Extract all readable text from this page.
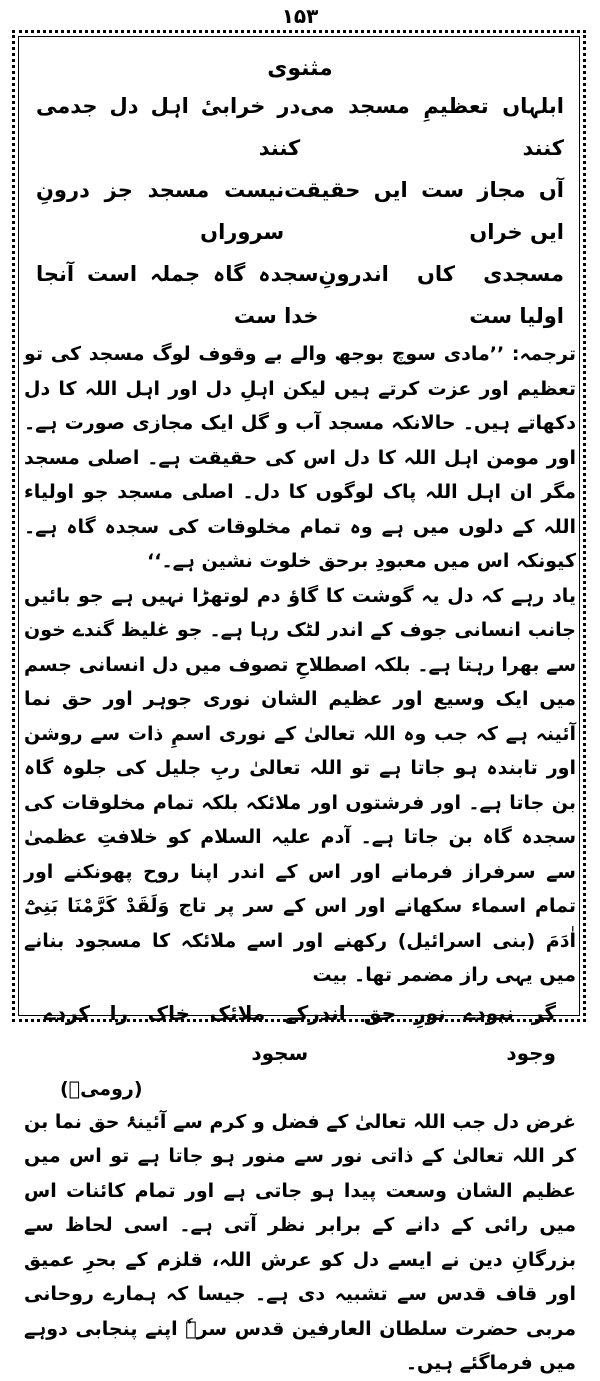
۱۵۳
مثنوی
ابلہاں تعظیمِ مسجد می کنند
در خرابیٔ اہل دل جدمی کنند
آں مجاز ست ایں حقیقت ایں خراں
نیست مسجد جز درونِ سروراں
مسجدی کاں اندرونِ اولیا ست
سجدہ گاہ جملہ است آنجا خدا ست

ترجمہ: ’’مادی سوچ بوجھ والے بے وقوف لوگ مسجد کی تو تعظیم اور عزت کرتے ہیں لیکن اہلِ دل اور اہل اللہ کا دل دکھاتے ہیں۔ حالانکہ مسجد آب و گل ایک مجازی صورت ہے۔ اور مومن اہل اللہ کا دل اس کی حقیقت ہے۔ اصلی مسجد مگر ان اہل اللہ پاک لوگوں کا دل۔ اصلی مسجد جو اولیاء اللہ کے دلوں میں ہے وہ تمام مخلوقات کی سجدہ گاہ ہے۔ کیونکہ اس میں معبودِ برحق خلوت نشین ہے۔‘‘

یاد رہے کہ دل یہ گوشت کا گاؤ دم لوتھڑا نہیں ہے جو بائیں جانب انسانی جوف کے اندر لٹک رہا ہے۔ جو غلیظ گندے خون سے بھرا رہتا ہے۔ بلکہ اصطلاحِ تصوف میں دل انسانی جسم میں ایک وسیع اور عظیم الشان نوری جوہر اور حق نما آئینہ ہے کہ جب وہ اللہ تعالیٰ کے نوری اسمِ ذات سے روشن اور تابندہ ہو جاتا ہے تو اللہ تعالیٰ ربِ جلیل کی جلوہ گاہ بن جاتا ہے۔ اور فرشتوں اور ملائکہ بلکہ تمام مخلوقات کی سجدہ گاہ بن جاتا ہے۔ آدم علیہ السلام کو خلافتِ عظمیٰ سے سرفراز فرمانے اور اس کے اندر اپنا روح پھونکنے اور تمام اسماء سکھانے اور اس کے سر پر تاج وَلَقَدْ کَرَّمْنَا بَنِیْٓ اٰدَمَ (بنی اسرائیل) رکھنے اور اسے ملائکہ کا مسجود بنانے میں یہی راز مضمر تھا۔ بیت

گر نبودے نورِ حق اندر وجود
کے ملائک خاک را کردے سجود
(رومیؒ)

غرض دل جب اللہ تعالیٰ کے فضل و کرم سے آئینۂ حق نما بن کر اللہ تعالیٰ کے ذاتی نور سے منور ہو جاتا ہے تو اس میں عظیم الشان وسعت پیدا ہو جاتی ہے اور تمام کائنات اس میں رائی کے دانے کے برابر نظر آتی ہے۔ اسی لحاظ سے بزرگانِ دین نے ایسے دل کو عرش اللہ، قلزم کے بحرِ عمیق اور قاف قدس سے تشبیہ دی ہے۔ جیسا کہ ہمارے روحانی مربی حضرت سلطان العارفین قدس سرہٗ اپنے پنجابی دوہے میں فرماگئے ہیں۔
